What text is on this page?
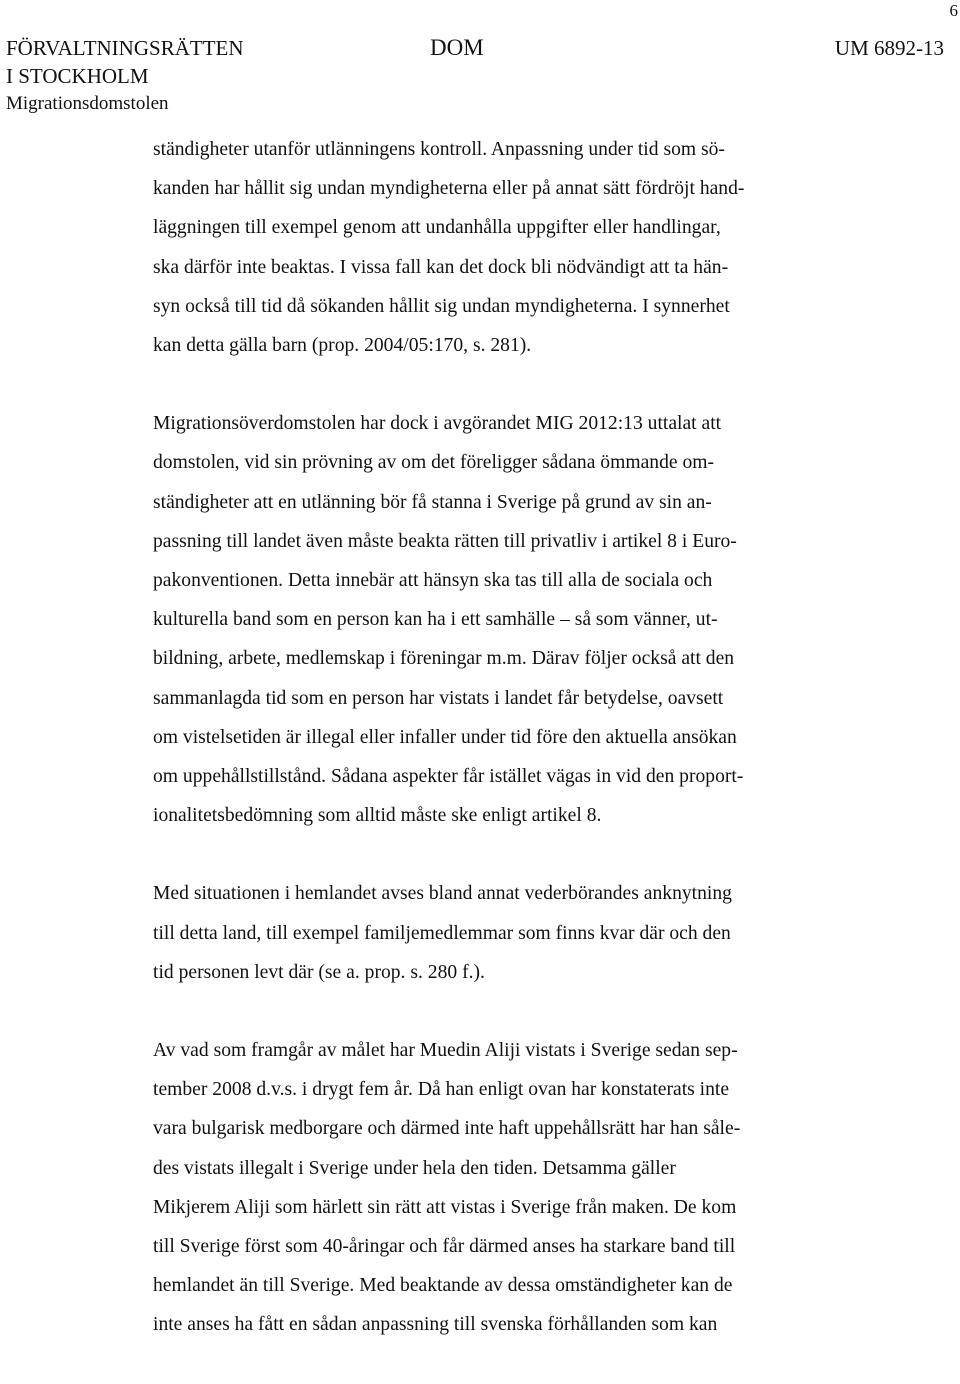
6
FÖRVALTNINGSRÄTTEN
I STOCKHOLM
Migrationsdomstolen
DOM	UM 6892-13

ständigheter utanför utlänningens kontroll. Anpassning under tid som sö-
kanden har hållit sig undan myndigheterna eller på annat sätt fördröjt hand-
läggningen till exempel genom att undanhålla uppgifter eller handlingar,
ska därför inte beaktas. I vissa fall kan det dock bli nödvändigt att ta hän-
syn också till tid då sökanden hållit sig undan myndigheterna. I synnerhet
kan detta gälla barn (prop. 2004/05:170, s. 281).

Migrationsöverdomstolen har dock i avgörandet MIG 2012:13 uttalat att
domstolen, vid sin prövning av om det föreligger sådana ömmande om-
ständigheter att en utlänning bör få stanna i Sverige på grund av sin an-
passning till landet även måste beakta rätten till privatliv i artikel 8 i Euro-
pakonventionen. Detta innebär att hänsyn ska tas till alla de sociala och
kulturella band som en person kan ha i ett samhälle – så som vänner, ut-
bildning, arbete, medlemskap i föreningar m.m. Därav följer också att den
sammanlagda tid som en person har vistats i landet får betydelse, oavsett
om vistelsetiden är illegal eller infaller under tid före den aktuella ansökan
om uppehållstillstånd. Sådana aspekter får istället vägas in vid den proport-
ionalitetsbedömning som alltid måste ske enligt artikel 8.

Med situationen i hemlandet avses bland annat vederbörandes anknytning
till detta land, till exempel familjemedlemmar som finns kvar där och den
tid personen levt där (se a. prop. s. 280 f.).

Av vad som framgår av målet har Muedin Aliji vistats i Sverige sedan sep-
tember 2008 d.v.s. i drygt fem år. Då han enligt ovan har konstaterats inte
vara bulgarisk medborgare och därmed inte haft uppehållsrätt har han såle-
des vistats illegalt i Sverige under hela den tiden. Detsamma gäller
Mikjerem Aliji som härlett sin rätt att vistas i Sverige från maken. De kom
till Sverige först som 40-åringar och får därmed anses ha starkare band till
hemlandet än till Sverige. Med beaktande av dessa omständigheter kan de
inte anses ha fått en sådan anpassning till svenska förhållanden som kan
